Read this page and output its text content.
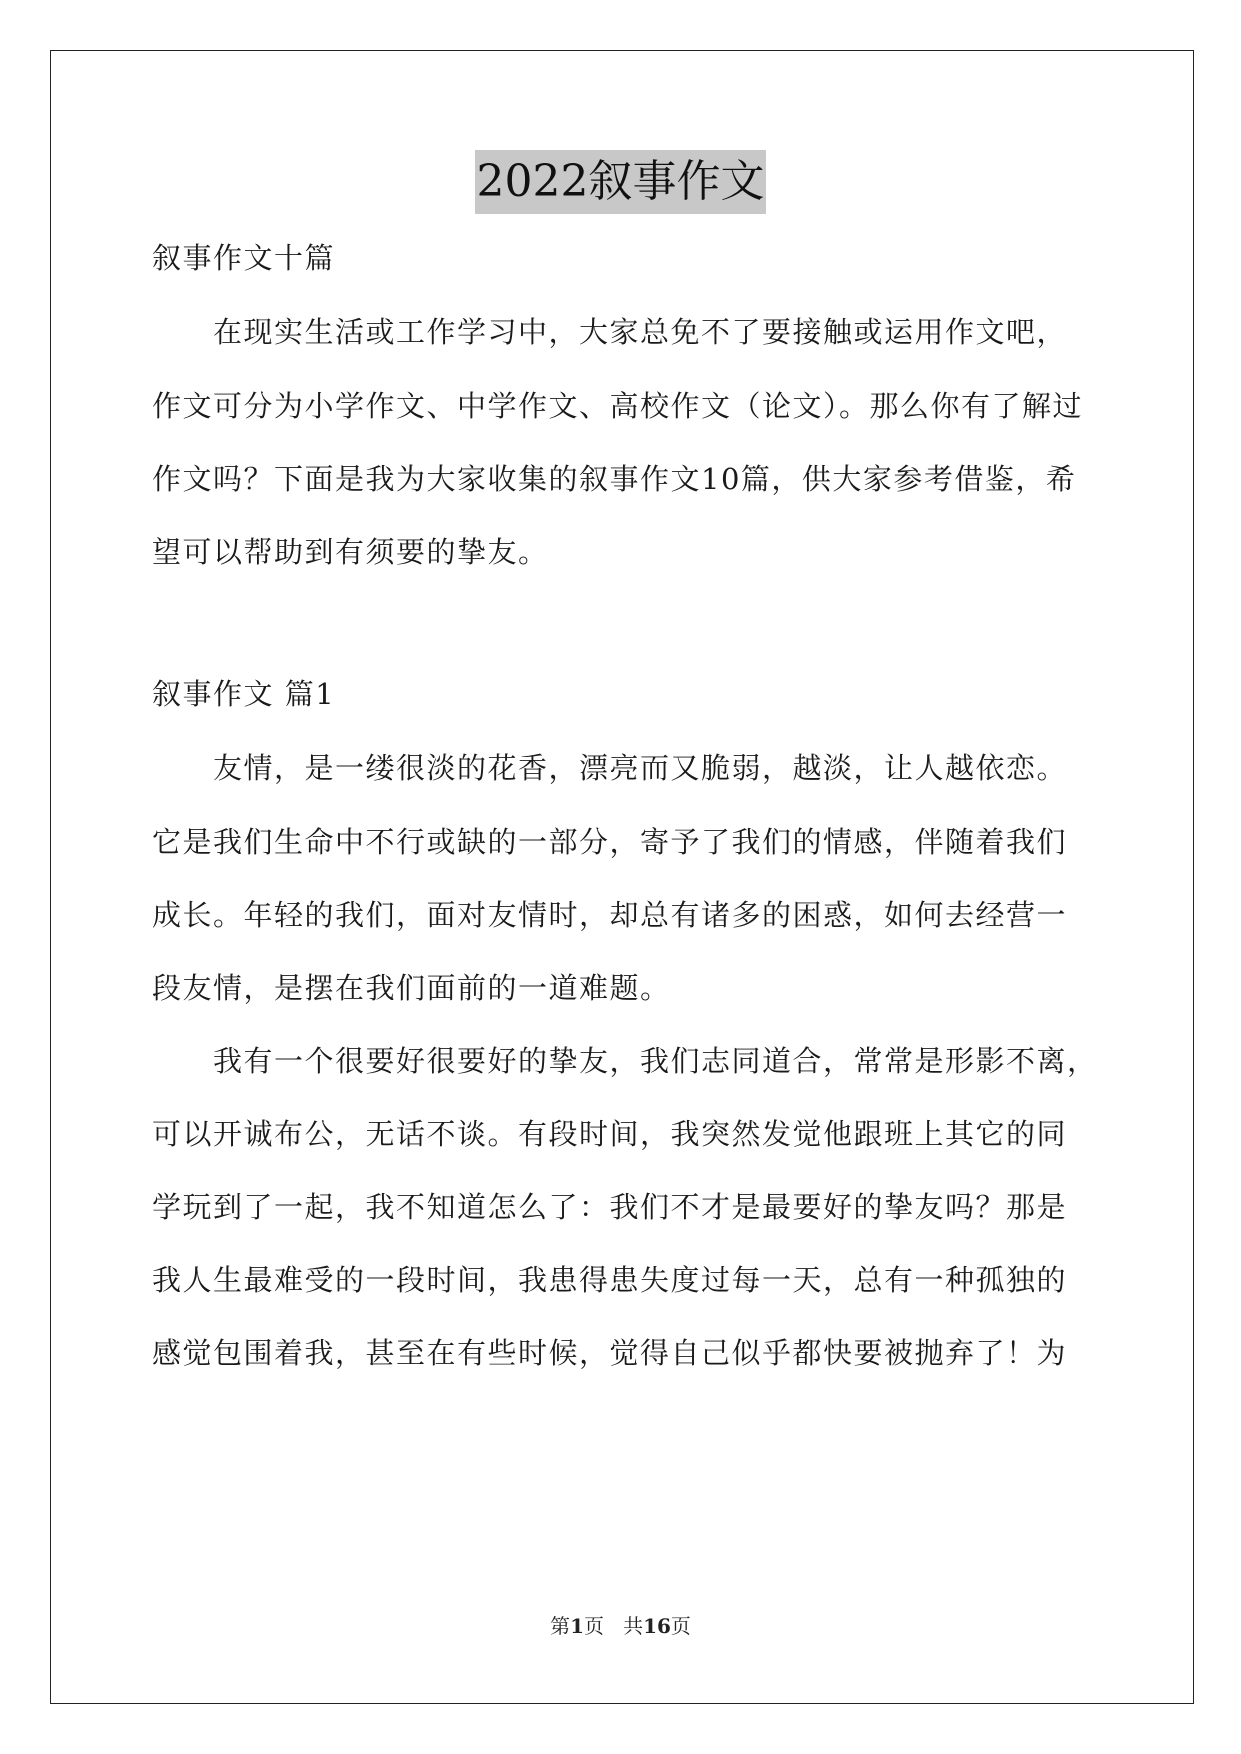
2022叙事作文
叙事作文十篇
在现实生活或工作学习中，大家总免不了要接触或运用作文吧，
作文可分为小学作文、中学作文、高校作文（论文）。那么你有了解过
作文吗？下面是我为大家收集的叙事作文10篇，供大家参考借鉴，希
望可以帮助到有须要的挚友。
叙事作文 篇1
友情，是一缕很淡的花香，漂亮而又脆弱，越淡，让人越依恋。
它是我们生命中不行或缺的一部分，寄予了我们的情感，伴随着我们
成长。年轻的我们，面对友情时，却总有诸多的困惑，如何去经营一
段友情，是摆在我们面前的一道难题。
我有一个很要好很要好的挚友，我们志同道合，常常是形影不离，
可以开诚布公，无话不谈。有段时间，我突然发觉他跟班上其它的同
学玩到了一起，我不知道怎么了：我们不才是最要好的挚友吗？那是
我人生最难受的一段时间，我患得患失度过每一天，总有一种孤独的
感觉包围着我，甚至在有些时候，觉得自己似乎都快要被抛弃了！为
第1页 共16页
